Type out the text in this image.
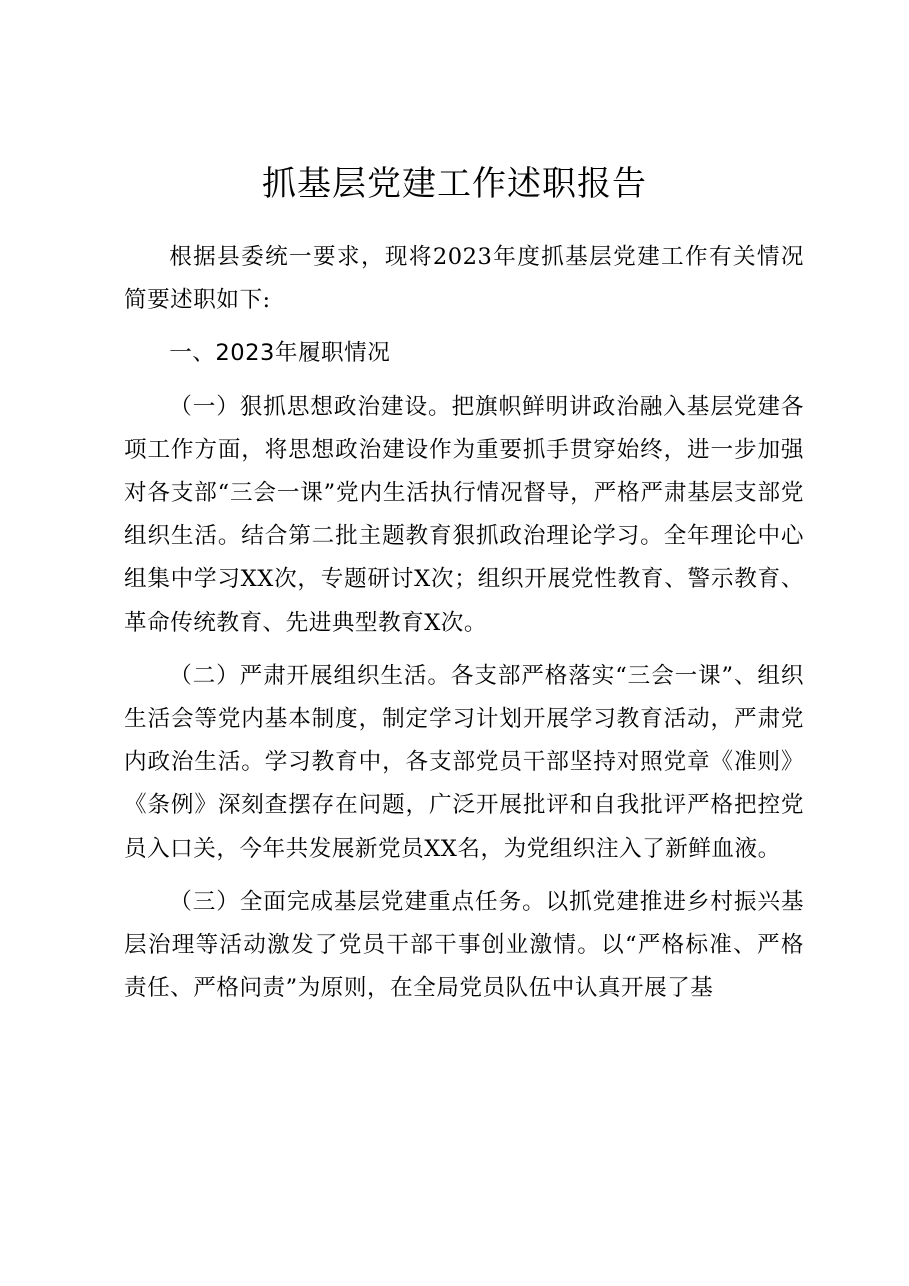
抓基层党建工作述职报告

根据县委统一要求，现将2023年度抓基层党建工作有关情况简要述职如下:

一、2023年履职情况

（一）狠抓思想政治建设。把旗帜鲜明讲政治融入基层党建各项工作方面，将思想政治建设作为重要抓手贯穿始终，进一步加强对各支部“三会一课”党内生活执行情况督导，严格严肃基层支部党组织生活。结合第二批主题教育狠抓政治理论学习。全年理论中心组集中学习XX次，专题研讨X次；组织开展党性教育、警示教育、革命传统教育、先进典型教育X次。

（二）严肃开展组织生活。各支部严格落实“三会一课”、组织生活会等党内基本制度，制定学习计划开展学习教育活动，严肃党内政治生活。学习教育中，各支部党员干部坚持对照党章《准则》《条例》深刻查摆存在问题，广泛开展批评和自我批评严格把控党员入口关，今年共发展新党员XX名，为党组织注入了新鲜血液。

（三）全面完成基层党建重点任务。以抓党建推进乡村振兴基层治理等活动激发了党员干部干事创业激情。以“严格标准、严格责任、严格问责”为原则，在全局党员队伍中认真开展了基
